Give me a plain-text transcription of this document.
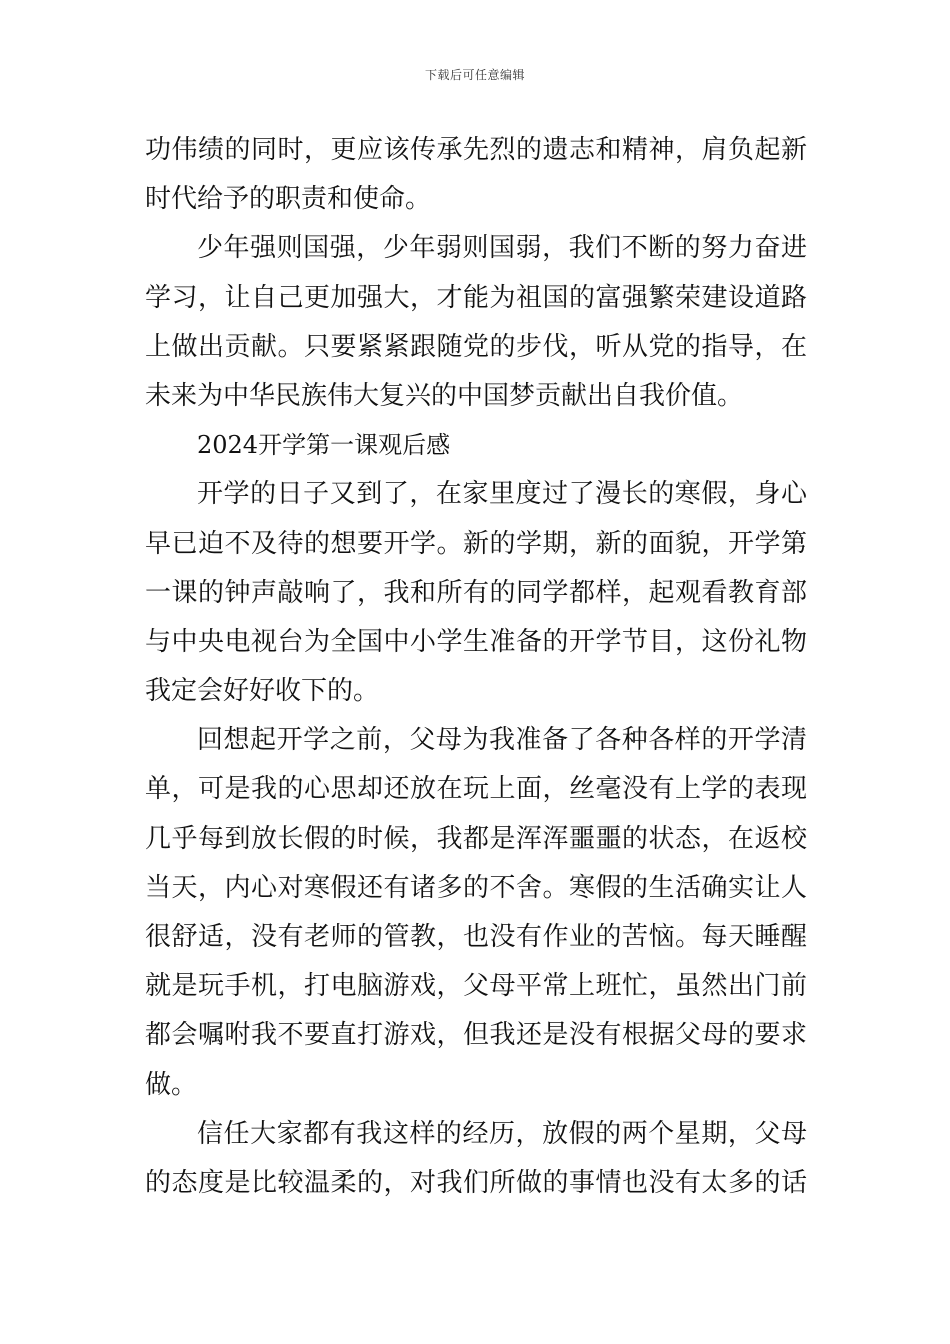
下载后可任意编辑
功伟绩的同时，更应该传承先烈的遗志和精神，肩负起新
时代给予的职责和使命。
少年强则国强，少年弱则国弱，我们不断的努力奋进
学习，让自己更加强大，才能为祖国的富强繁荣建设道路
上做出贡献。只要紧紧跟随党的步伐，听从党的指导，在
未来为中华民族伟大复兴的中国梦贡献出自我价值。
2024开学第一课观后感
开学的日子又到了，在家里度过了漫长的寒假，身心
早已迫不及待的想要开学。新的学期，新的面貌，开学第
一课的钟声敲响了，我和所有的同学都样，起观看教育部
与中央电视台为全国中小学生准备的开学节目，这份礼物
我定会好好收下的。
回想起开学之前，父母为我准备了各种各样的开学清
单，可是我的心思却还放在玩上面，丝毫没有上学的表现
几乎每到放长假的时候，我都是浑浑噩噩的状态，在返校
当天，内心对寒假还有诸多的不舍。寒假的生活确实让人
很舒适，没有老师的管教，也没有作业的苦恼。每天睡醒
就是玩手机，打电脑游戏，父母平常上班忙，虽然出门前
都会嘱咐我不要直打游戏，但我还是没有根据父母的要求
做。
信任大家都有我这样的经历，放假的两个星期，父母
的态度是比较温柔的，对我们所做的事情也没有太多的话
